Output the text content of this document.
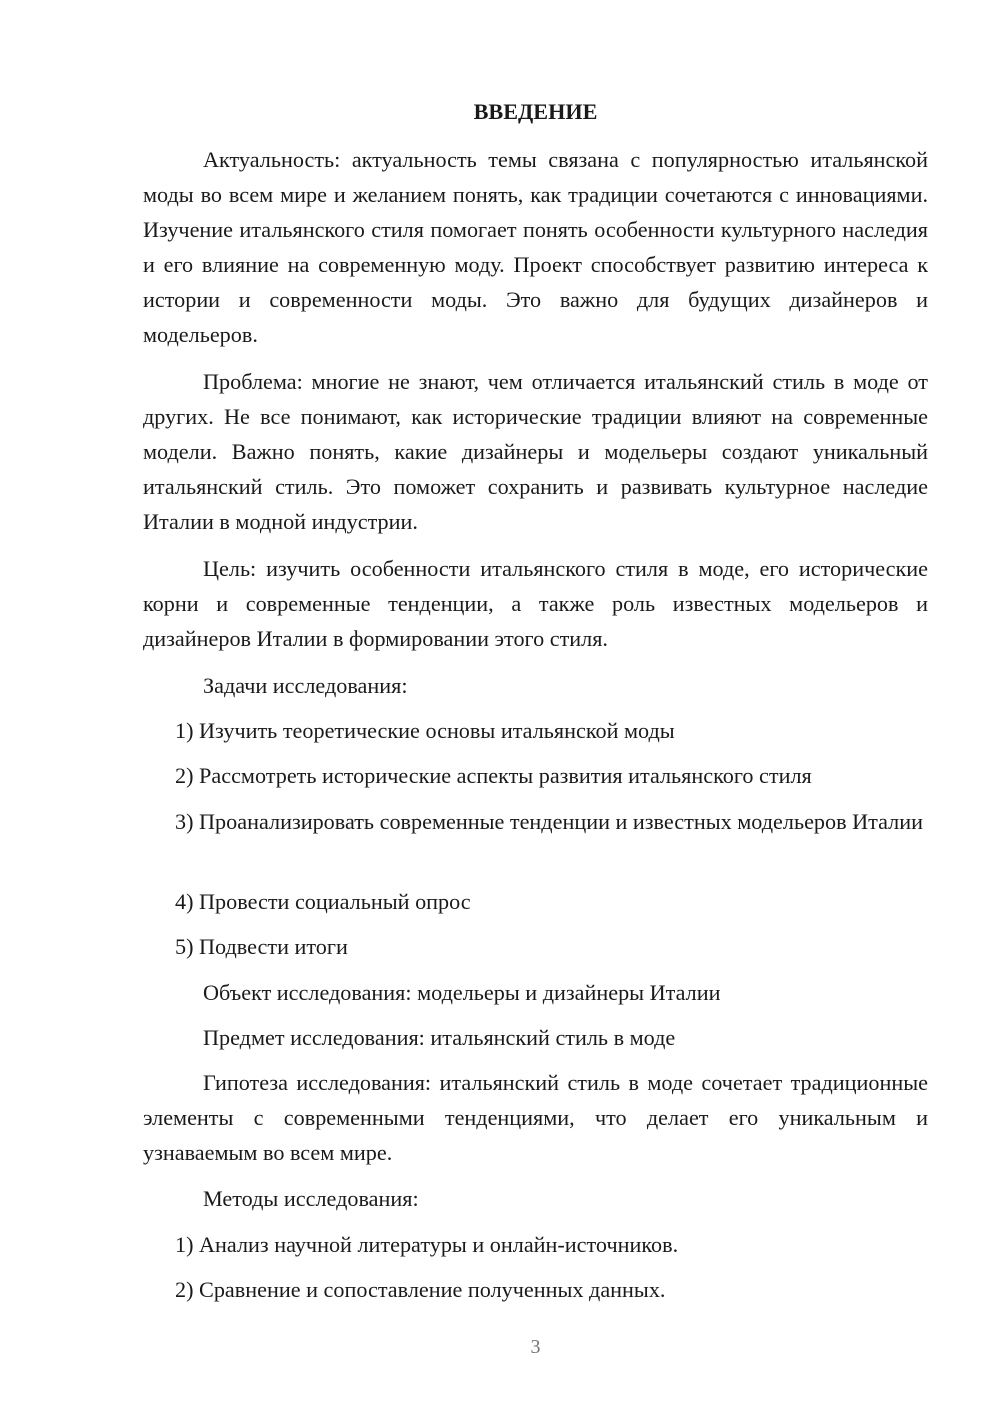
ВВЕДЕНИЕ

Актуальность: актуальность темы связана с популярностью итальянской моды во всем мире и желанием понять, как традиции сочетаются с инновациями. Изучение итальянского стиля помогает понять особенности культурного наследия и его влияние на современную моду. Проект способствует развитию интереса к истории и современности моды. Это важно для будущих дизайнеров и модельеров.

Проблема: многие не знают, чем отличается итальянский стиль в моде от других. Не все понимают, как исторические традиции влияют на современные модели. Важно понять, какие дизайнеры и модельеры создают уникальный итальянский стиль. Это поможет сохранить и развивать культурное наследие Италии в модной индустрии.

Цель: изучить особенности итальянского стиля в моде, его исторические корни и современные тенденции, а также роль известных модельеров и дизайнеров Италии в формировании этого стиля.

Задачи исследования:

1) Изучить теоретические основы итальянской моды

2) Рассмотреть исторические аспекты развития итальянского стиля

3) Проанализировать современные тенденции и известных модельеров Италии

4) Провести социальный опрос

5) Подвести итоги

Объект исследования: модельеры и дизайнеры Италии

Предмет исследования: итальянский стиль в моде

Гипотеза исследования: итальянский стиль в моде сочетает традиционные элементы с современными тенденциями, что делает его уникальным и узнаваемым во всем мире.

Методы исследования:

1) Анализ научной литературы и онлайн-источников.

2) Сравнение и сопоставление полученных данных.

3
